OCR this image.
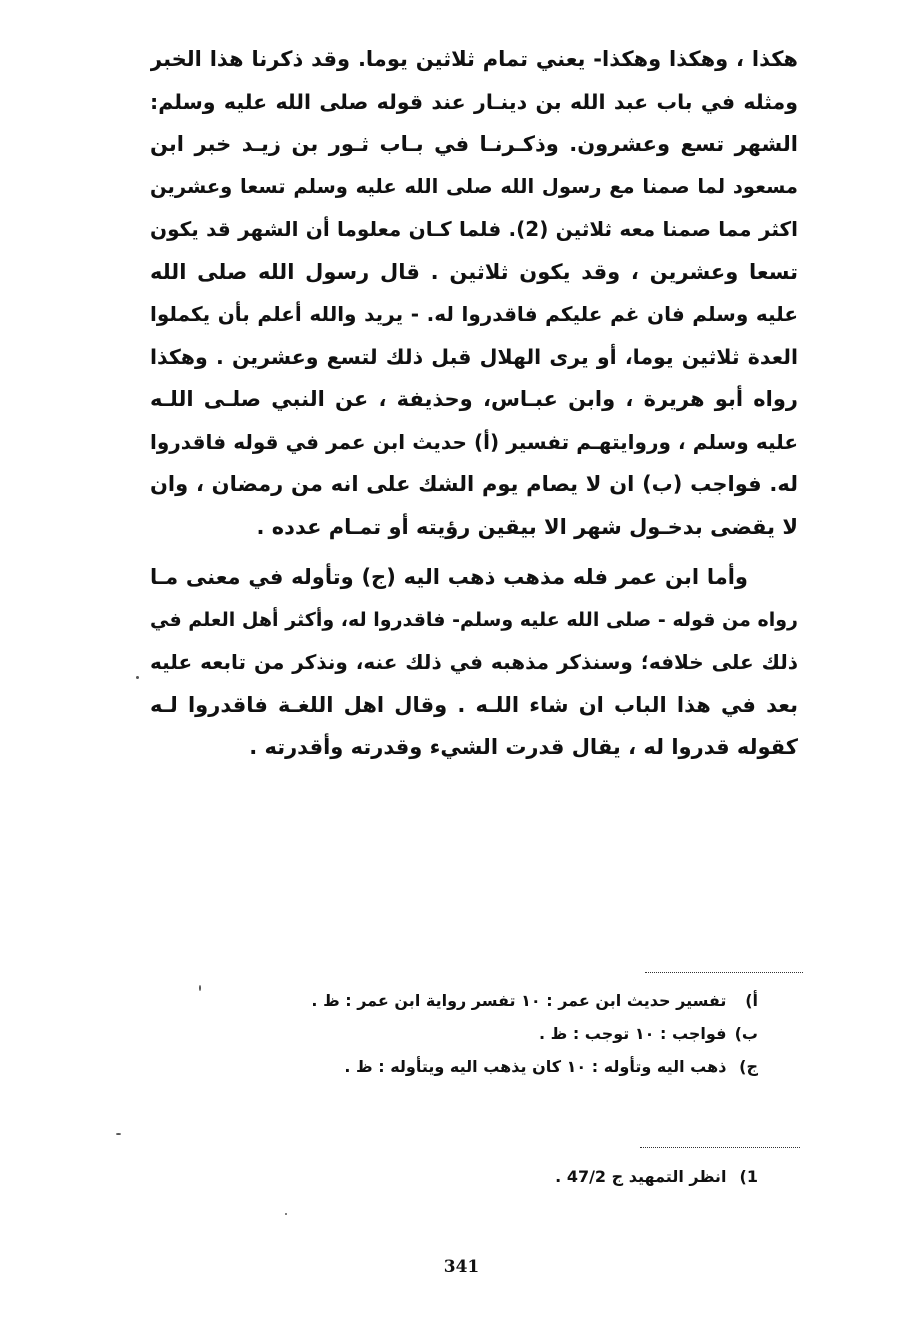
هكذا ، وهكذا وهكذا- يعني تمام ثلاثين يوما. وقد ذكرنا هذا الخبر
ومثله في باب عبد الله بن دينـار عند قوله صلى الله عليه وسلم:
الشهر تسع وعشرون. وذكـرنـا في بـاب ثـور بن زيـد خبر ابن
مسعود لما صمنا مع رسول الله صلى الله عليه وسلم تسعا وعشرين
اكثر مما صمنا معه ثلاثين (2). فلما كـان معلوما أن الشهر قد يكون
تسعا وعشرين ، وقد يكون ثلاثين . قال رسول الله صلى الله
عليه وسلم فان غم عليكم فاقدروا له. - يريد والله أعلم بأن يكملوا
العدة ثلاثين يوما، أو يرى الهلال قبل ذلك لتسع وعشرين . وهكذا
رواه أبو هريرة ، وابن عبـاس، وحذيفة ، عن النبي صلـى اللـه
عليه وسلم ، وروايتهـم تفسير (أ) حديث ابن عمر في قوله فاقدروا
له. فواجب (ب) ان لا يصام يوم الشك على انه من رمضان ، وان
لا يقضى بدخـول شهر الا بيقين رؤيته أو تمـام عدده .
وأما ابن عمر فله مذهب ذهب اليه (ج) وتأوله في معنى مـا
رواه من قوله - صلى الله عليه وسلم- فاقدروا له، وأكثر أهل العلم في
ذلك على خلافه؛ وسنذكر مذهبه في ذلك عنه، ونذكر من تابعه عليه
بعد في هذا الباب ان شاء اللـه . وقال اهل اللغـة فاقدروا لـه
كقوله قدروا له ، يقال قدرت الشيء وقدرته وأقدرته .
أ) تفسير حديث ابن عمر : ١٠ تفسر رواية ابن عمر : ظ .
ب) فواجب : ١٠ توجب : ظ .
ج) ذهب اليه وتأوله : ١٠ كان يذهب اليه ويتأوله : ظ .
1) انظر التمهيد ج 47/2 .
341
